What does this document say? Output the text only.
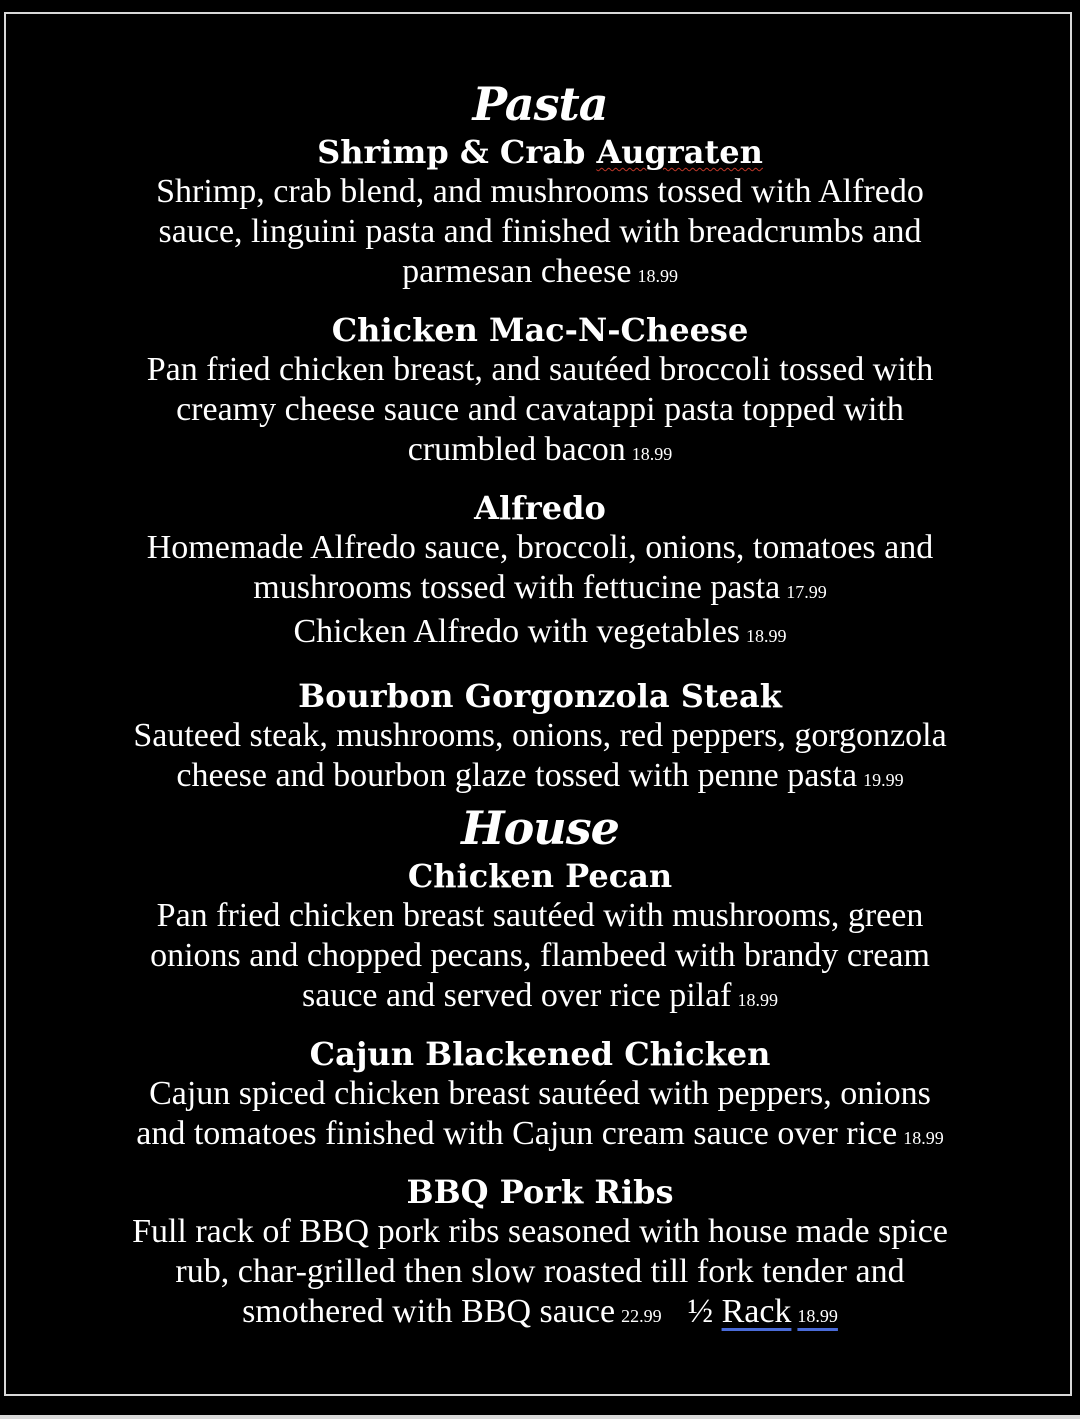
Pasta
Shrimp & Crab Augraten
Shrimp, crab blend, and mushrooms tossed with Alfredo
sauce, linguini pasta and finished with breadcrumbs and
parmesan cheese 18.99
Chicken Mac-N-Cheese
Pan fried chicken breast, and sautéed broccoli tossed with
creamy cheese sauce and cavatappi pasta topped with
crumbled bacon 18.99
Alfredo
Homemade Alfredo sauce, broccoli, onions, tomatoes and
mushrooms tossed with fettucine pasta 17.99
Chicken Alfredo with vegetables 18.99
Bourbon Gorgonzola Steak
Sauteed steak, mushrooms, onions, red peppers, gorgonzola
cheese and bourbon glaze tossed with penne pasta 19.99
House
Chicken Pecan
Pan fried chicken breast sautéed with mushrooms, green
onions and chopped pecans, flambeed with brandy cream
sauce and served over rice pilaf 18.99
Cajun Blackened Chicken
Cajun spiced chicken breast sautéed with peppers, onions
and tomatoes finished with Cajun cream sauce over rice 18.99
BBQ Pork Ribs
Full rack of BBQ pork ribs seasoned with house made spice
rub, char-grilled then slow roasted till fork tender and
smothered with BBQ sauce 22.99 ½ Rack 18.99
